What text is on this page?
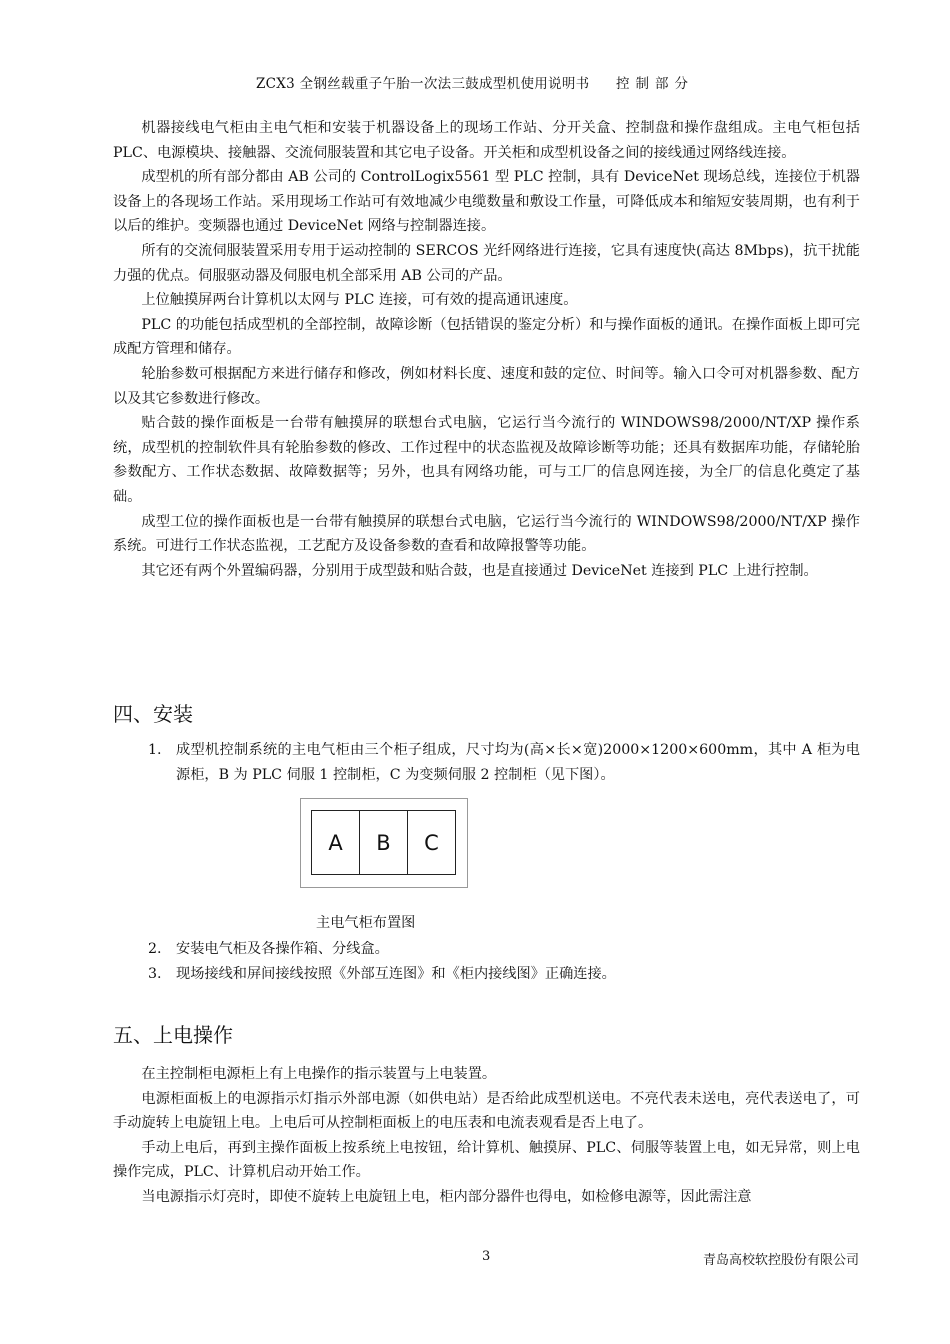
ZCX3 全钢丝载重子午胎一次法三鼓成型机使用说明书 控制部分

机器接线电气柜由主电气柜和安装于机器设备上的现场工作站、分开关盒、控制盘和操作盘组成。主电气柜包括 PLC、电源模块、接触器、交流伺服装置和其它电子设备。开关柜和成型机设备之间的接线通过网络线连接。

成型机的所有部分都由 AB 公司的 ControlLogix5561 型 PLC 控制，具有 DeviceNet 现场总线，连接位于机器设备上的各现场工作站。采用现场工作站可有效地减少电缆数量和敷设工作量，可降低成本和缩短安装周期，也有利于以后的维护。变频器也通过 DeviceNet 网络与控制器连接。

所有的交流伺服装置采用专用于运动控制的 SERCOS 光纤网络进行连接，它具有速度快(高达 8Mbps)，抗干扰能力强的优点。伺服驱动器及伺服电机全部采用 AB 公司的产品。

上位触摸屏两台计算机以太网与 PLC 连接，可有效的提高通讯速度。

PLC 的功能包括成型机的全部控制，故障诊断（包括错误的鉴定分析）和与操作面板的通讯。在操作面板上即可完成配方管理和储存。

轮胎参数可根据配方来进行储存和修改，例如材料长度、速度和鼓的定位、时间等。输入口令可对机器参数、配方以及其它参数进行修改。

贴合鼓的操作面板是一台带有触摸屏的联想台式电脑，它运行当今流行的 WINDOWS98/2000/NT/XP 操作系统，成型机的控制软件具有轮胎参数的修改、工作过程中的状态监视及故障诊断等功能；还具有数据库功能，存储轮胎参数配方、工作状态数据、故障数据等；另外，也具有网络功能，可与工厂的信息网连接，为全厂的信息化奠定了基础。

成型工位的操作面板也是一台带有触摸屏的联想台式电脑，它运行当今流行的 WINDOWS98/2000/NT/XP 操作系统。可进行工作状态监视，工艺配方及设备参数的查看和故障报警等功能。

其它还有两个外置编码器，分别用于成型鼓和贴合鼓，也是直接通过 DeviceNet 连接到 PLC 上进行控制。

四、安装
1.	成型机控制系统的主电气柜由三个柜子组成，尺寸均为(高×长×宽)2000×1200×600mm，其中 A 柜为电源柜，B 为 PLC 伺服 1 控制柜，C 为变频伺服 2 控制柜（见下图）。
A	B	C
主电气柜布置图
2.	安装电气柜及各操作箱、分线盒。
3.	现场接线和屏间接线按照《外部互连图》和《柜内接线图》正确连接。
五、上电操作

在主控制柜电源柜上有上电操作的指示装置与上电装置。

电源柜面板上的电源指示灯指示外部电源（如供电站）是否给此成型机送电。不亮代表未送电，亮代表送电了，可手动旋转上电旋钮上电。上电后可从控制柜面板上的电压表和电流表观看是否上电了。

手动上电后，再到主操作面板上按系统上电按钮，给计算机、触摸屏、PLC、伺服等装置上电，如无异常，则上电操作完成，PLC、计算机启动开始工作。

当电源指示灯亮时，即使不旋转上电旋钮上电，柜内部分器件也得电，如检修电源等，因此需注意

3	青岛高校软控股份有限公司
